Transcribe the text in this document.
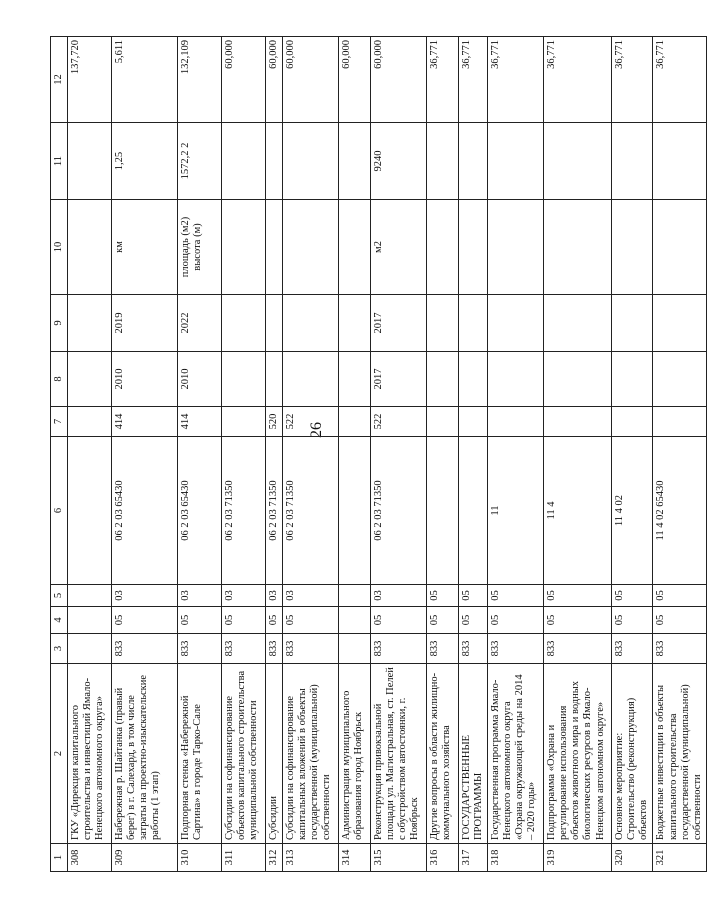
26
1	2	3	4	5	6	7	8	9	10	11	12
308	ГКУ «Дирекция капитального строительства и инвестиций Ямало-Ненецкого автономного округа»										137,720
309	Набережная р. Шайтанка (правый берег) в г. Салехард, в том числе затраты на проектно-изыскательские работы (1 этап)	833	05	03	06 2 03 65430	414	2010	2019	км	1,25	5,611
310	Подпорная стенка «Набережной Сартина» в городе Тарко-Сале	833	05	03	06 2 03 65430	414	2010	2022	площадь (м2) высота (м)	1572,2 2	132,109
311	Субсидии на софинансирование объектов капитального строительства муниципальной собственности	833	05	03	06 2 03 71350						60,000
312	Субсидии	833	05	03	06 2 03 71350	520					60,000
313	Субсидии на софинансирование капитальных вложений в объекты государственной (муниципальной) собственности	833	05	03	06 2 03 71350	522					60,000
314	Администрация муниципального образования город Ноябрьск										60,000
315	Реконструкция привокзальной площади ул. Магистральная, ст. Пелей с обустройством автостоянки, г. Ноябрьск	833	05	03	06 2 03 71350	522	2017	2017	м2	9240	60,000
316	Другие вопросы в области жилищно-коммунального хозяйства	833	05	05							36,771
317	ГОСУДАРСТВЕННЫЕ ПРОГРАММЫ	833	05	05							36,771
318	Государственная программа Ямало-Ненецкого автономного округа «Охрана окружающей среды на 2014 – 2020 годы»	833	05	05	11						36,771
319	Подпрограмма «Охрана и регулирование использования объектов животного мира и водных биологических ресурсов в Ямало-Ненецком автономном округе»	833	05	05	11 4						36,771
320	Основное мероприятие: Строительство (реконструкция) объектов	833	05	05	11 4 02						36,771
321	Бюджетные инвестиции в объекты капитального строительства государственной (муниципальной) собственности	833	05	05	11 4 02 65430						36,771
